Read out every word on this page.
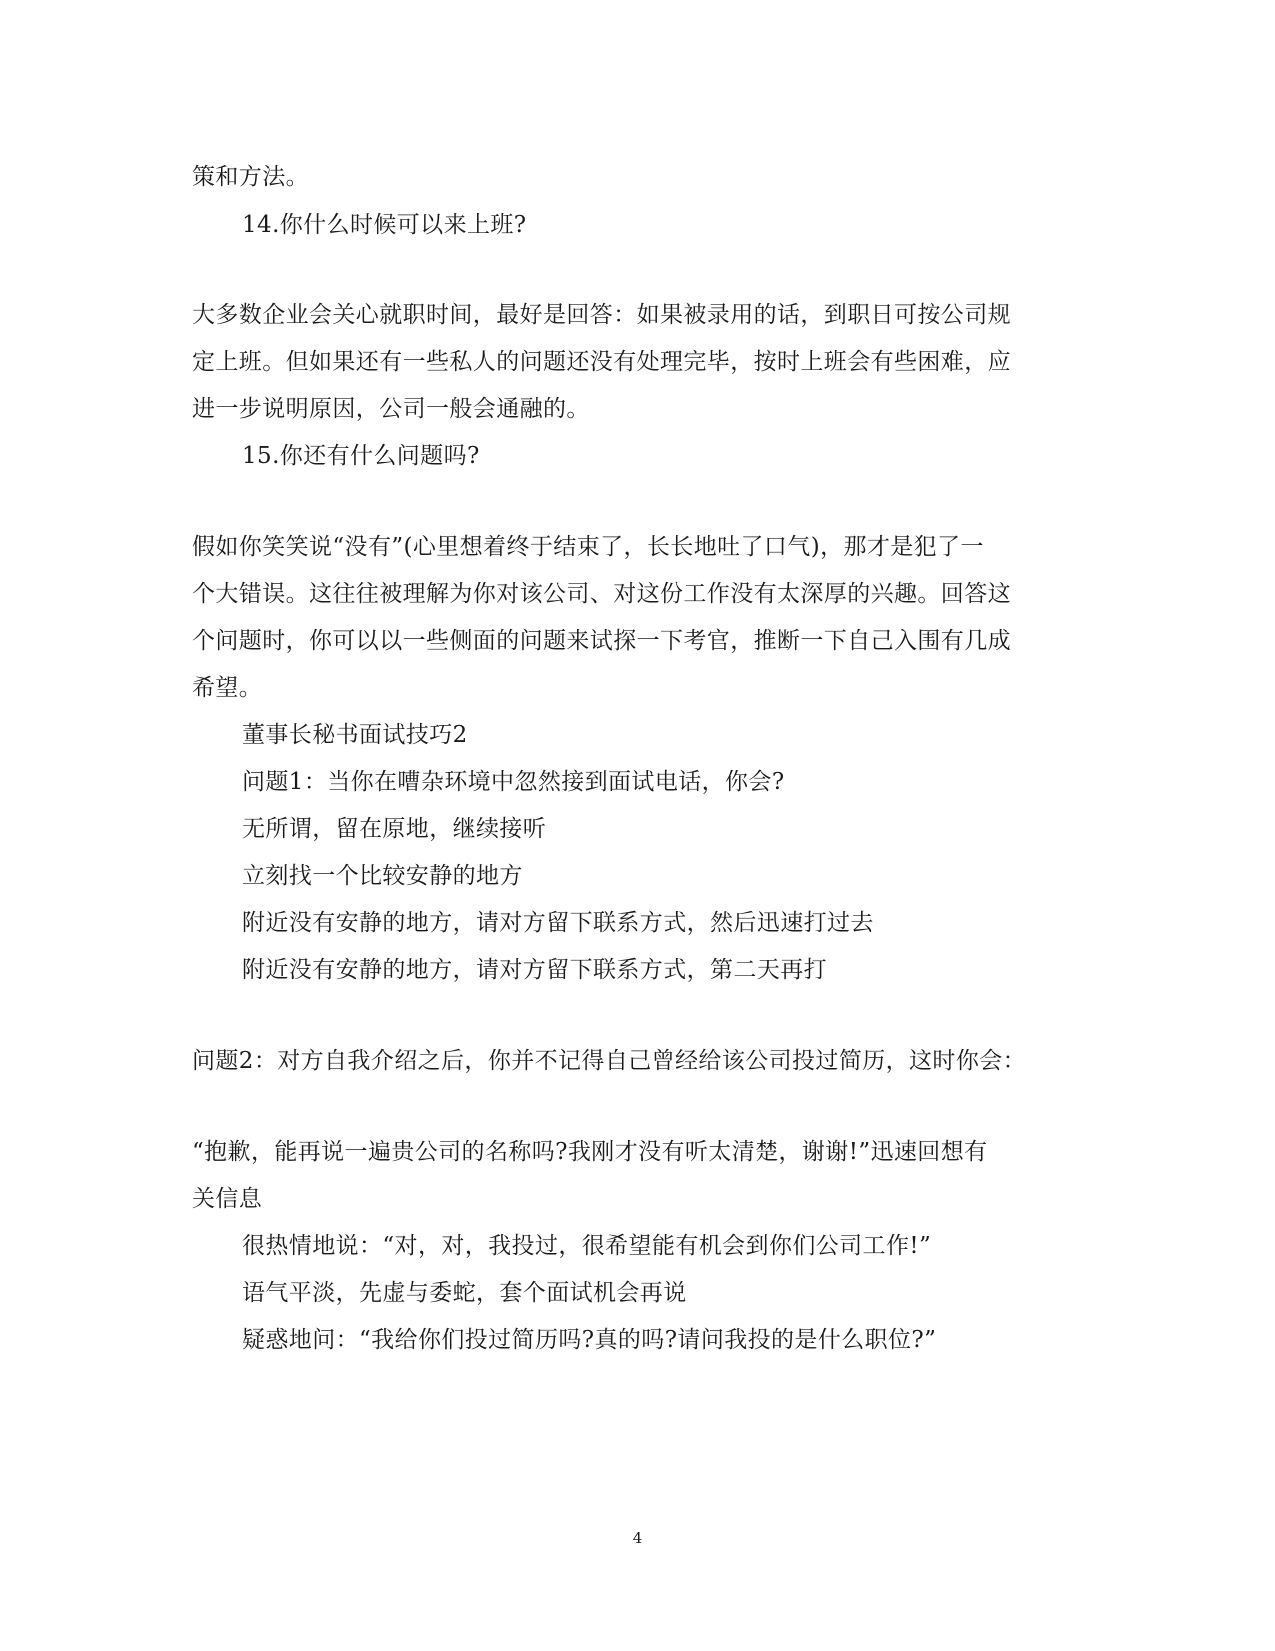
策和方法。
14.你什么时候可以来上班?
大多数企业会关心就职时间，最好是回答：如果被录用的话，到职日可按公司规
定上班。但如果还有一些私人的问题还没有处理完毕，按时上班会有些困难，应
进一步说明原因，公司一般会通融的。
15.你还有什么问题吗?
假如你笑笑说“没有”(心里想着终于结束了，长长地吐了口气)，那才是犯了一
个大错误。这往往被理解为你对该公司、对这份工作没有太深厚的兴趣。回答这
个问题时，你可以以一些侧面的问题来试探一下考官，推断一下自己入围有几成
希望。
董事长秘书面试技巧2
问题1：当你在嘈杂环境中忽然接到面试电话，你会?
无所谓，留在原地，继续接听
立刻找一个比较安静的地方
附近没有安静的地方，请对方留下联系方式，然后迅速打过去
附近没有安静的地方，请对方留下联系方式，第二天再打
问题2：对方自我介绍之后，你并不记得自己曾经给该公司投过简历，这时你会：
“抱歉，能再说一遍贵公司的名称吗?我刚才没有听太清楚，谢谢!”迅速回想有
关信息
很热情地说：“对，对，我投过，很希望能有机会到你们公司工作!”
语气平淡，先虚与委蛇，套个面试机会再说
疑惑地问：“我给你们投过简历吗?真的吗?请问我投的是什么职位?”
4
